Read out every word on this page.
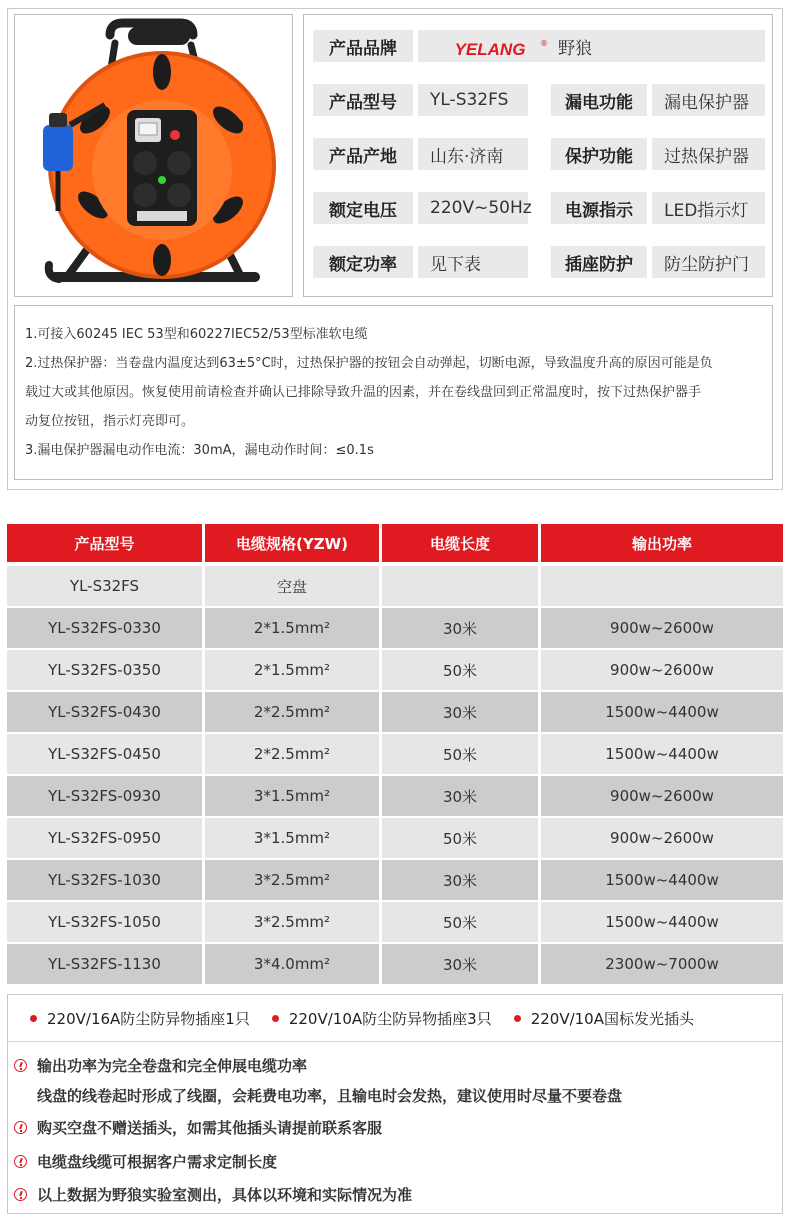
产品品牌	野狼
YELANG ®
产品型号	YL-S32FS	漏电功能	漏电保护器
产品产地	山东·济南	保护功能	过热保护器
额定电压	220V~50Hz	电源指示	LED指示灯
额定功率	见下表	插座防护	防尘防护门
1.可接入60245 IEC 53型和60227IEC52/53型标准软电缆
2.过热保护器：当卷盘内温度达到63±5°C时，过热保护器的按钮会自动弹起，切断电源，导致温度升高的原因可能是负
载过大或其他原因。恢复使用前请检查并确认已排除导致升温的因素，并在卷线盘回到正常温度时，按下过热保护器手
动复位按钮，指示灯亮即可。
3.漏电保护器漏电动作电流：30mA，漏电动作时间：≤0.1s
产品型号	电缆规格(YZW)	电缆长度	输出功率
YL-S32FS	空盘
YL-S32FS-0330	2*1.5mm²	30米	900w~2600w
YL-S32FS-0350	2*1.5mm²	50米	900w~2600w
YL-S32FS-0430	2*2.5mm²	30米	1500w~4400w
YL-S32FS-0450	2*2.5mm²	50米	1500w~4400w
YL-S32FS-0930	3*1.5mm²	30米	900w~2600w
YL-S32FS-0950	3*1.5mm²	50米	900w~2600w
YL-S32FS-1030	3*2.5mm²	30米	1500w~4400w
YL-S32FS-1050	3*2.5mm²	50米	1500w~4400w
YL-S32FS-1130	3*4.0mm²	30米	2300w~7000w
220V/16A防尘防异物插座1只	220V/10A防尘防异物插座3只	220V/10A国标发光插头
输出功率为完全卷盘和完全伸展电缆功率
线盘的线卷起时形成了线圈，会耗费电功率，且输电时会发热，建议使用时尽量不要卷盘
购买空盘不赠送插头，如需其他插头请提前联系客服
电缆盘线缆可根据客户需求定制长度
以上数据为野狼实验室测出，具体以环境和实际情况为准
